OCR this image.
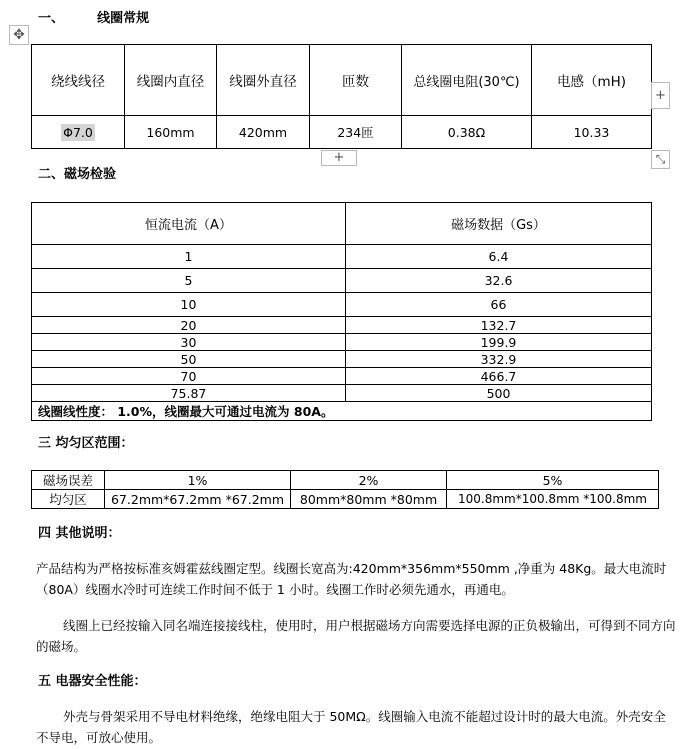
一、	线圈常规
✥
绕线线径	线圈内直径	线圈外直径	匝数	总线圈电阻(30℃)	电感（mH)
Φ7.0	160mm	420mm	234匝	0.38Ω	10.33
+
+	⤡
二、磁场检验
恒流电流（A）	磁场数据（Gs）
1	6.4
5	32.6
10	66
20	132.7
30	199.9
50	332.9
70	466.7
75.87	500
线圈线性度： 1.0%，线圈最大可通过电流为 80A。	
三 均匀区范围：
磁场误差	1%	2%	5%
均匀区	67.2mm*67.2mm *67.2mm	80mm*80mm *80mm	100.8mm*100.8mm *100.8mm
四 其他说明：
产品结构为严格按标准亥姆霍兹线圈定型。线圈长宽高为:420mm*356mm*550mm ,净重为 48Kg。最大电流时（80A）线圈水冷时可连续工作时间不低于 1 小时。线圈工作时必须先通水，再通电。
线圈上已经按输入同名端连接接线柱，使用时，用户根据磁场方向需要选择电源的正负极输出，可得到不同方向的磁场。
五 电器安全性能：
外壳与骨架采用不导电材料绝缘，绝缘电阻大于 50MΩ。线圈输入电流不能超过设计时的最大电流。外壳安全不导电，可放心使用。
